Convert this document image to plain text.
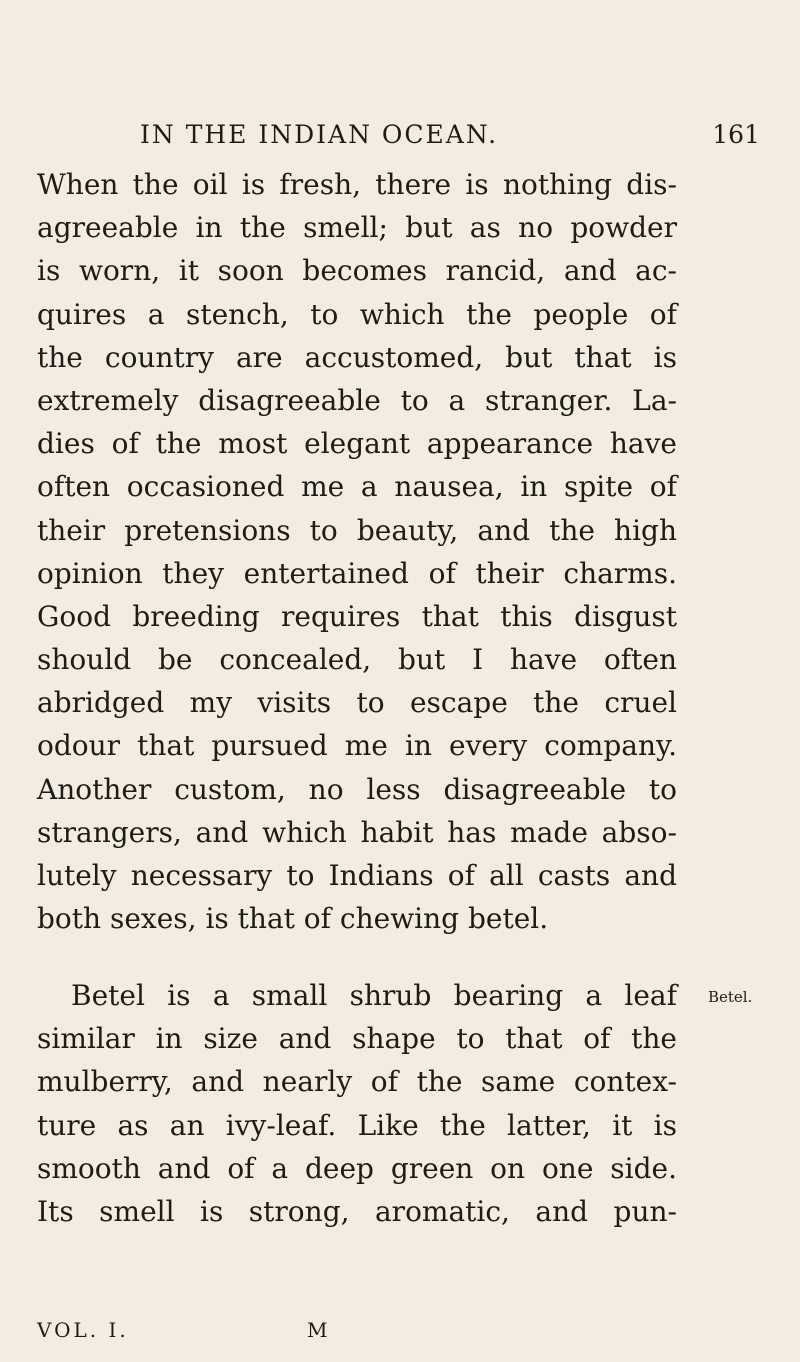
IN THE INDIAN OCEAN.	161
When the oil is fresh, there is nothing dis-
agreeable in the smell; but as no powder
is worn, it soon becomes rancid, and ac-
quires a stench, to which the people of
the country are accustomed, but that is
extremely disagreeable to a stranger. La-
dies of the most elegant appearance have
often occasioned me a nausea, in spite of
their pretensions to beauty, and the high
opinion they entertained of their charms.
Good breeding requires that this disgust
should be concealed, but I have often
abridged my visits to escape the cruel
odour that pursued me in every company.
Another custom, no less disagreeable to
strangers, and which habit has made abso-
lutely necessary to Indians of all casts and
both sexes, is that of chewing betel.
Betel is a small shrub bearing a leaf
similar in size and shape to that of the
mulberry, and nearly of the same contex-
ture as an ivy-leaf. Like the latter, it is
smooth and of a deep green on one side.
Its smell is strong, aromatic, and pun-
Betel.
VOL. I.	M
